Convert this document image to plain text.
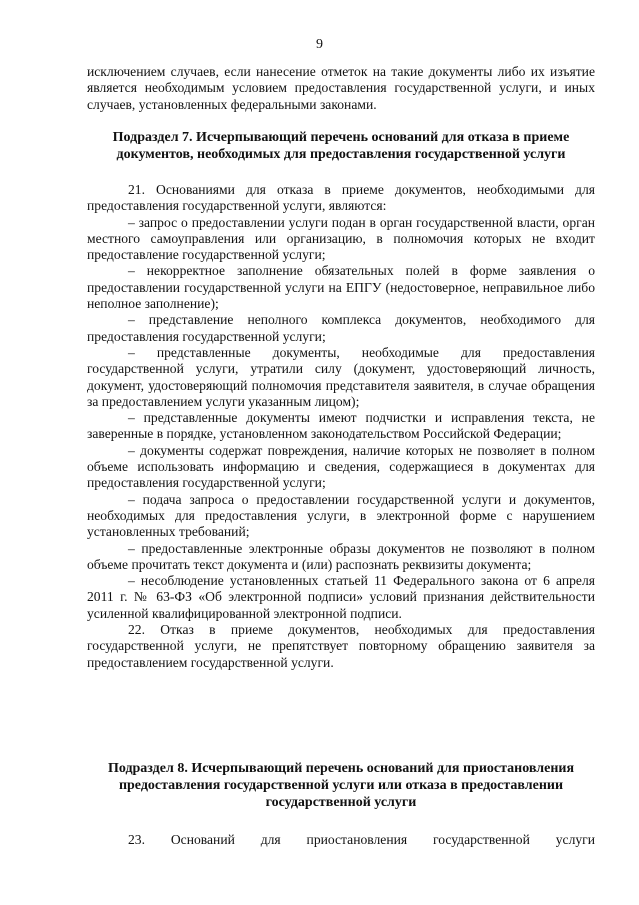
9

исключением случаев, если нанесение отметок на такие документы либо их изъятие является необходимым условием предоставления государственной услуги, и иных случаев, установленных федеральными законами.

Подраздел 7. Исчерпывающий перечень оснований для отказа в приеме документов, необходимых для предоставления государственной услуги

21. Основаниями для отказа в приеме документов, необходимыми для предоставления государственной услуги, являются:

– запрос о предоставлении услуги подан в орган государственной власти, орган местного самоуправления или организацию, в полномочия которых не входит предоставление государственной услуги;

– некорректное заполнение обязательных полей в форме заявления о предоставлении государственной услуги на ЕПГУ (недостоверное, неправильное либо неполное заполнение);

– представление неполного комплекса документов, необходимого для предоставления государственной услуги;

– представленные документы, необходимые для предоставления государственной услуги, утратили силу (документ, удостоверяющий личность, документ, удостоверяющий полномочия представителя заявителя, в случае обращения за предоставлением услуги указанным лицом);

– представленные документы имеют подчистки и исправления текста, не заверенные в порядке, установленном законодательством Российской Федерации;

– документы содержат повреждения, наличие которых не позволяет в полном объеме использовать информацию и сведения, содержащиеся в документах для предоставления государственной услуги;

– подача запроса о предоставлении государственной услуги и документов, необходимых для предоставления услуги, в электронной форме с нарушением установленных требований;

– предоставленные электронные образы документов не позволяют в полном объеме прочитать текст документа и (или) распознать реквизиты документа;

– несоблюдение установленных статьей 11 Федерального закона от 6 апреля 2011 г. № 63-ФЗ «Об электронной подписи» условий признания действительности усиленной квалифицированной электронной подписи.

22. Отказ в приеме документов, необходимых для предоставления государственной услуги, не препятствует повторному обращению заявителя за предоставлением государственной услуги.

Подраздел 8. Исчерпывающий перечень оснований для приостановления предоставления государственной услуги или отказа в предоставлении государственной услуги

23. Оснований для приостановления государственной услуги
